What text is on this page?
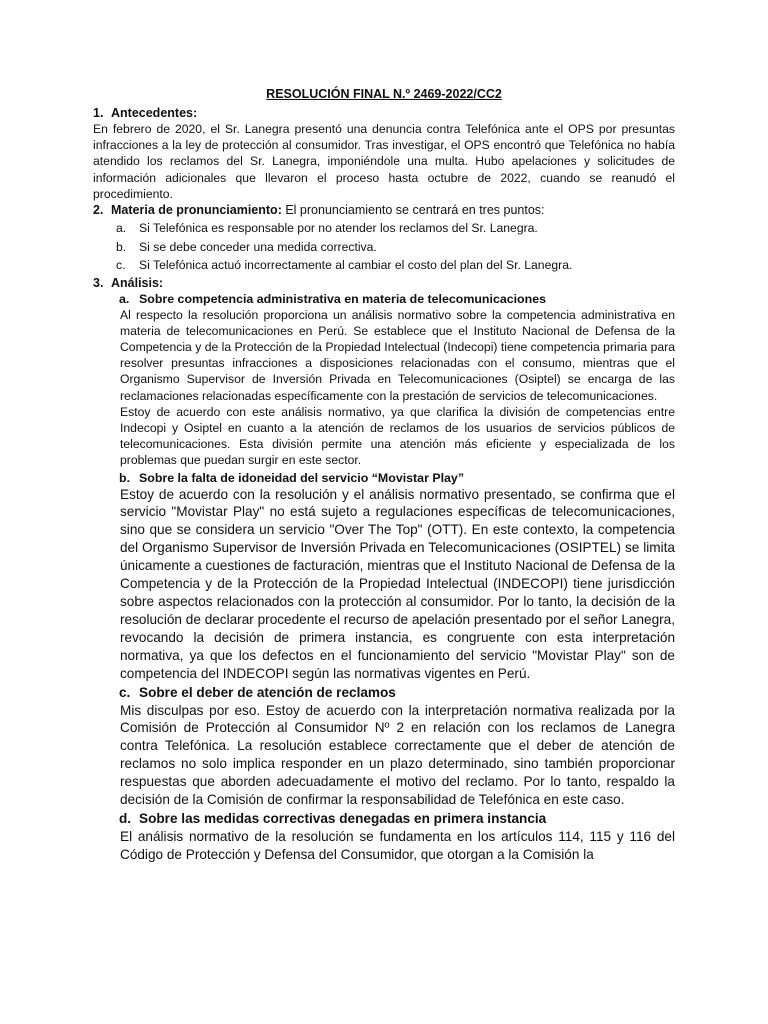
RESOLUCIÓN FINAL N.º 2469-2022/CC2
1. Antecedentes:

En febrero de 2020, el Sr. Lanegra presentó una denuncia contra Telefónica ante el OPS por presuntas infracciones a la ley de protección al consumidor. Tras investigar, el OPS encontró que Telefónica no había atendido los reclamos del Sr. Lanegra, imponiéndole una multa. Hubo apelaciones y solicitudes de información adicionales que llevaron el proceso hasta octubre de 2022, cuando se reanudó el procedimiento.

2. Materia de pronunciamiento: El pronunciamiento se centrará en tres puntos:
a. Si Telefónica es responsable por no atender los reclamos del Sr. Lanegra.
b. Si se debe conceder una medida correctiva.
c. Si Telefónica actuó incorrectamente al cambiar el costo del plan del Sr. Lanegra.
3. Análisis:
a. Sobre competencia administrativa en materia de telecomunicaciones

Al respecto la resolución proporciona un análisis normativo sobre la competencia administrativa en materia de telecomunicaciones en Perú. Se establece que el Instituto Nacional de Defensa de la Competencia y de la Protección de la Propiedad Intelectual (Indecopi) tiene competencia primaria para resolver presuntas infracciones a disposiciones relacionadas con el consumo, mientras que el Organismo Supervisor de Inversión Privada en Telecomunicaciones (Osiptel) se encarga de las reclamaciones relacionadas específicamente con la prestación de servicios de telecomunicaciones.

Estoy de acuerdo con este análisis normativo, ya que clarifica la división de competencias entre Indecopi y Osiptel en cuanto a la atención de reclamos de los usuarios de servicios públicos de telecomunicaciones. Esta división permite una atención más eficiente y especializada de los problemas que puedan surgir en este sector.

b. Sobre la falta de idoneidad del servicio “Movistar Play”

Estoy de acuerdo con la resolución y el análisis normativo presentado, se confirma que el servicio "Movistar Play" no está sujeto a regulaciones específicas de telecomunicaciones, sino que se considera un servicio "Over The Top" (OTT). En este contexto, la competencia del Organismo Supervisor de Inversión Privada en Telecomunicaciones (OSIPTEL) se limita únicamente a cuestiones de facturación, mientras que el Instituto Nacional de Defensa de la Competencia y de la Protección de la Propiedad Intelectual (INDECOPI) tiene jurisdicción sobre aspectos relacionados con la protección al consumidor. Por lo tanto, la decisión de la resolución de declarar procedente el recurso de apelación presentado por el señor Lanegra, revocando la decisión de primera instancia, es congruente con esta interpretación normativa, ya que los defectos en el funcionamiento del servicio "Movistar Play" son de competencia del INDECOPI según las normativas vigentes en Perú.

c. Sobre el deber de atención de reclamos

Mis disculpas por eso. Estoy de acuerdo con la interpretación normativa realizada por la Comisión de Protección al Consumidor Nº 2 en relación con los reclamos de Lanegra contra Telefónica. La resolución establece correctamente que el deber de atención de reclamos no solo implica responder en un plazo determinado, sino también proporcionar respuestas que aborden adecuadamente el motivo del reclamo. Por lo tanto, respaldo la decisión de la Comisión de confirmar la responsabilidad de Telefónica en este caso.

d. Sobre las medidas correctivas denegadas en primera instancia

El análisis normativo de la resolución se fundamenta en los artículos 114, 115 y 116 del Código de Protección y Defensa del Consumidor, que otorgan a la Comisión la
